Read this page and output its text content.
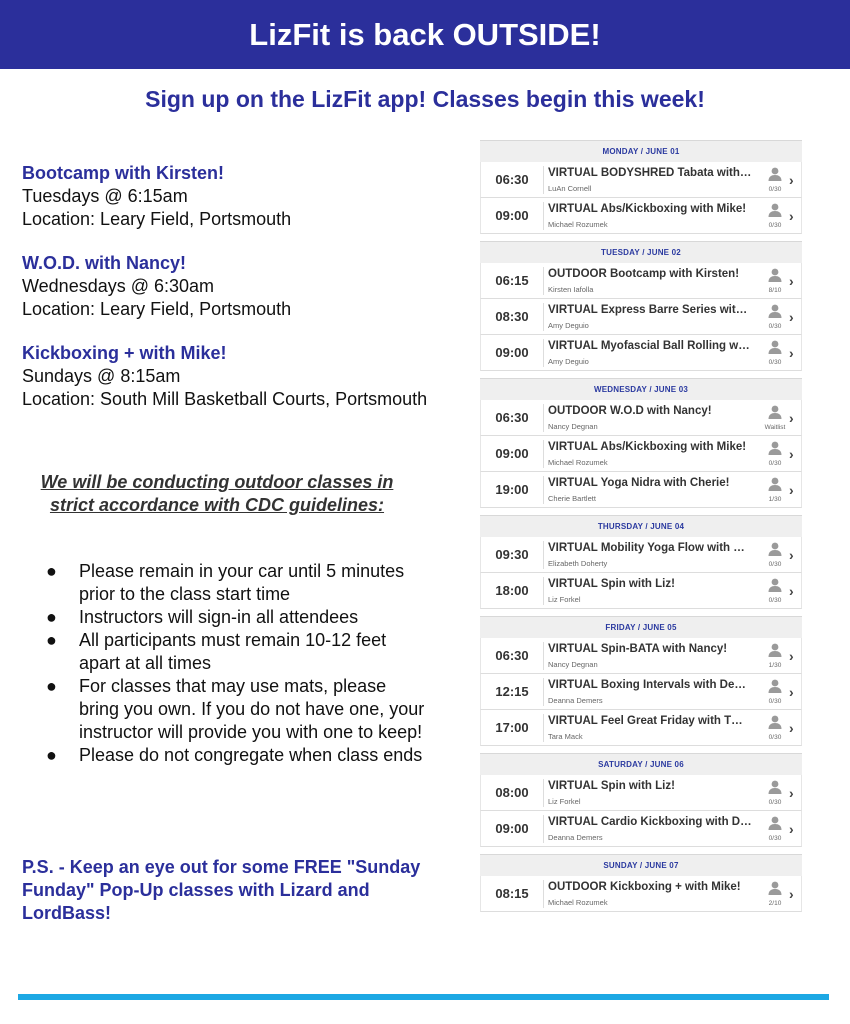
LizFit is back OUTSIDE!
Sign up on the LizFit app! Classes begin this week!
Bootcamp with Kirsten!
Tuesdays @ 6:15am
Location: Leary Field, Portsmouth
W.O.D. with Nancy!
Wednesdays @ 6:30am
Location: Leary Field, Portsmouth
Kickboxing + with Mike!
Sundays @ 8:15am
Location: South Mill Basketball Courts, Portsmouth
We will be conducting outdoor classes in strict accordance with CDC guidelines:
● Please remain in your car until 5 minutes prior to the class start time
● Instructors will sign-in all attendees
● All participants must remain 10-12 feet apart at all times
● For classes that may use mats, please bring you own. If you do not have one, your instructor will provide you with one to keep!
● Please do not congregate when class ends
P.S. - Keep an eye out for some FREE "Sunday Funday" Pop-Up classes with Lizard and LordBass!
MONDAY / JUNE 01
06:30	VIRTUAL BODYSHRED Tabata with…
LuAn Cornell	0/30
›
09:00	VIRTUAL Abs/Kickboxing with Mike!
Michael Rozumek	0/30
›
TUESDAY / JUNE 02
06:15	OUTDOOR Bootcamp with Kirsten!
Kirsten Iafolla	8/10
›
08:30	VIRTUAL Express Barre Series wit…
Amy Deguio	0/30
›
09:00	VIRTUAL Myofascial Ball Rolling w…
Amy Deguio	0/30
›
WEDNESDAY / JUNE 03
06:30	OUTDOOR W.O.D with Nancy!
Nancy Degnan	Waitlist
›
09:00	VIRTUAL Abs/Kickboxing with Mike!
Michael Rozumek	0/30
›
19:00	VIRTUAL Yoga Nidra with Cherie!
Cherie Bartlett	1/30
›
THURSDAY / JUNE 04
09:30	VIRTUAL Mobility Yoga Flow with …
Elizabeth Doherty	0/30
›
18:00	VIRTUAL Spin with Liz!
Liz Forkel	0/30
›
FRIDAY / JUNE 05
06:30	VIRTUAL Spin-BATA with Nancy!
Nancy Degnan	1/30
›
12:15	VIRTUAL Boxing Intervals with De…
Deanna Demers	0/30
›
17:00	VIRTUAL Feel Great Friday with T…
Tara Mack	0/30
›
SATURDAY / JUNE 06
08:00	VIRTUAL Spin with Liz!
Liz Forkel	0/30
›
09:00	VIRTUAL Cardio Kickboxing with D…
Deanna Demers	0/30
›
SUNDAY / JUNE 07
08:15	OUTDOOR Kickboxing + with Mike!
Michael Rozumek	2/10
›
